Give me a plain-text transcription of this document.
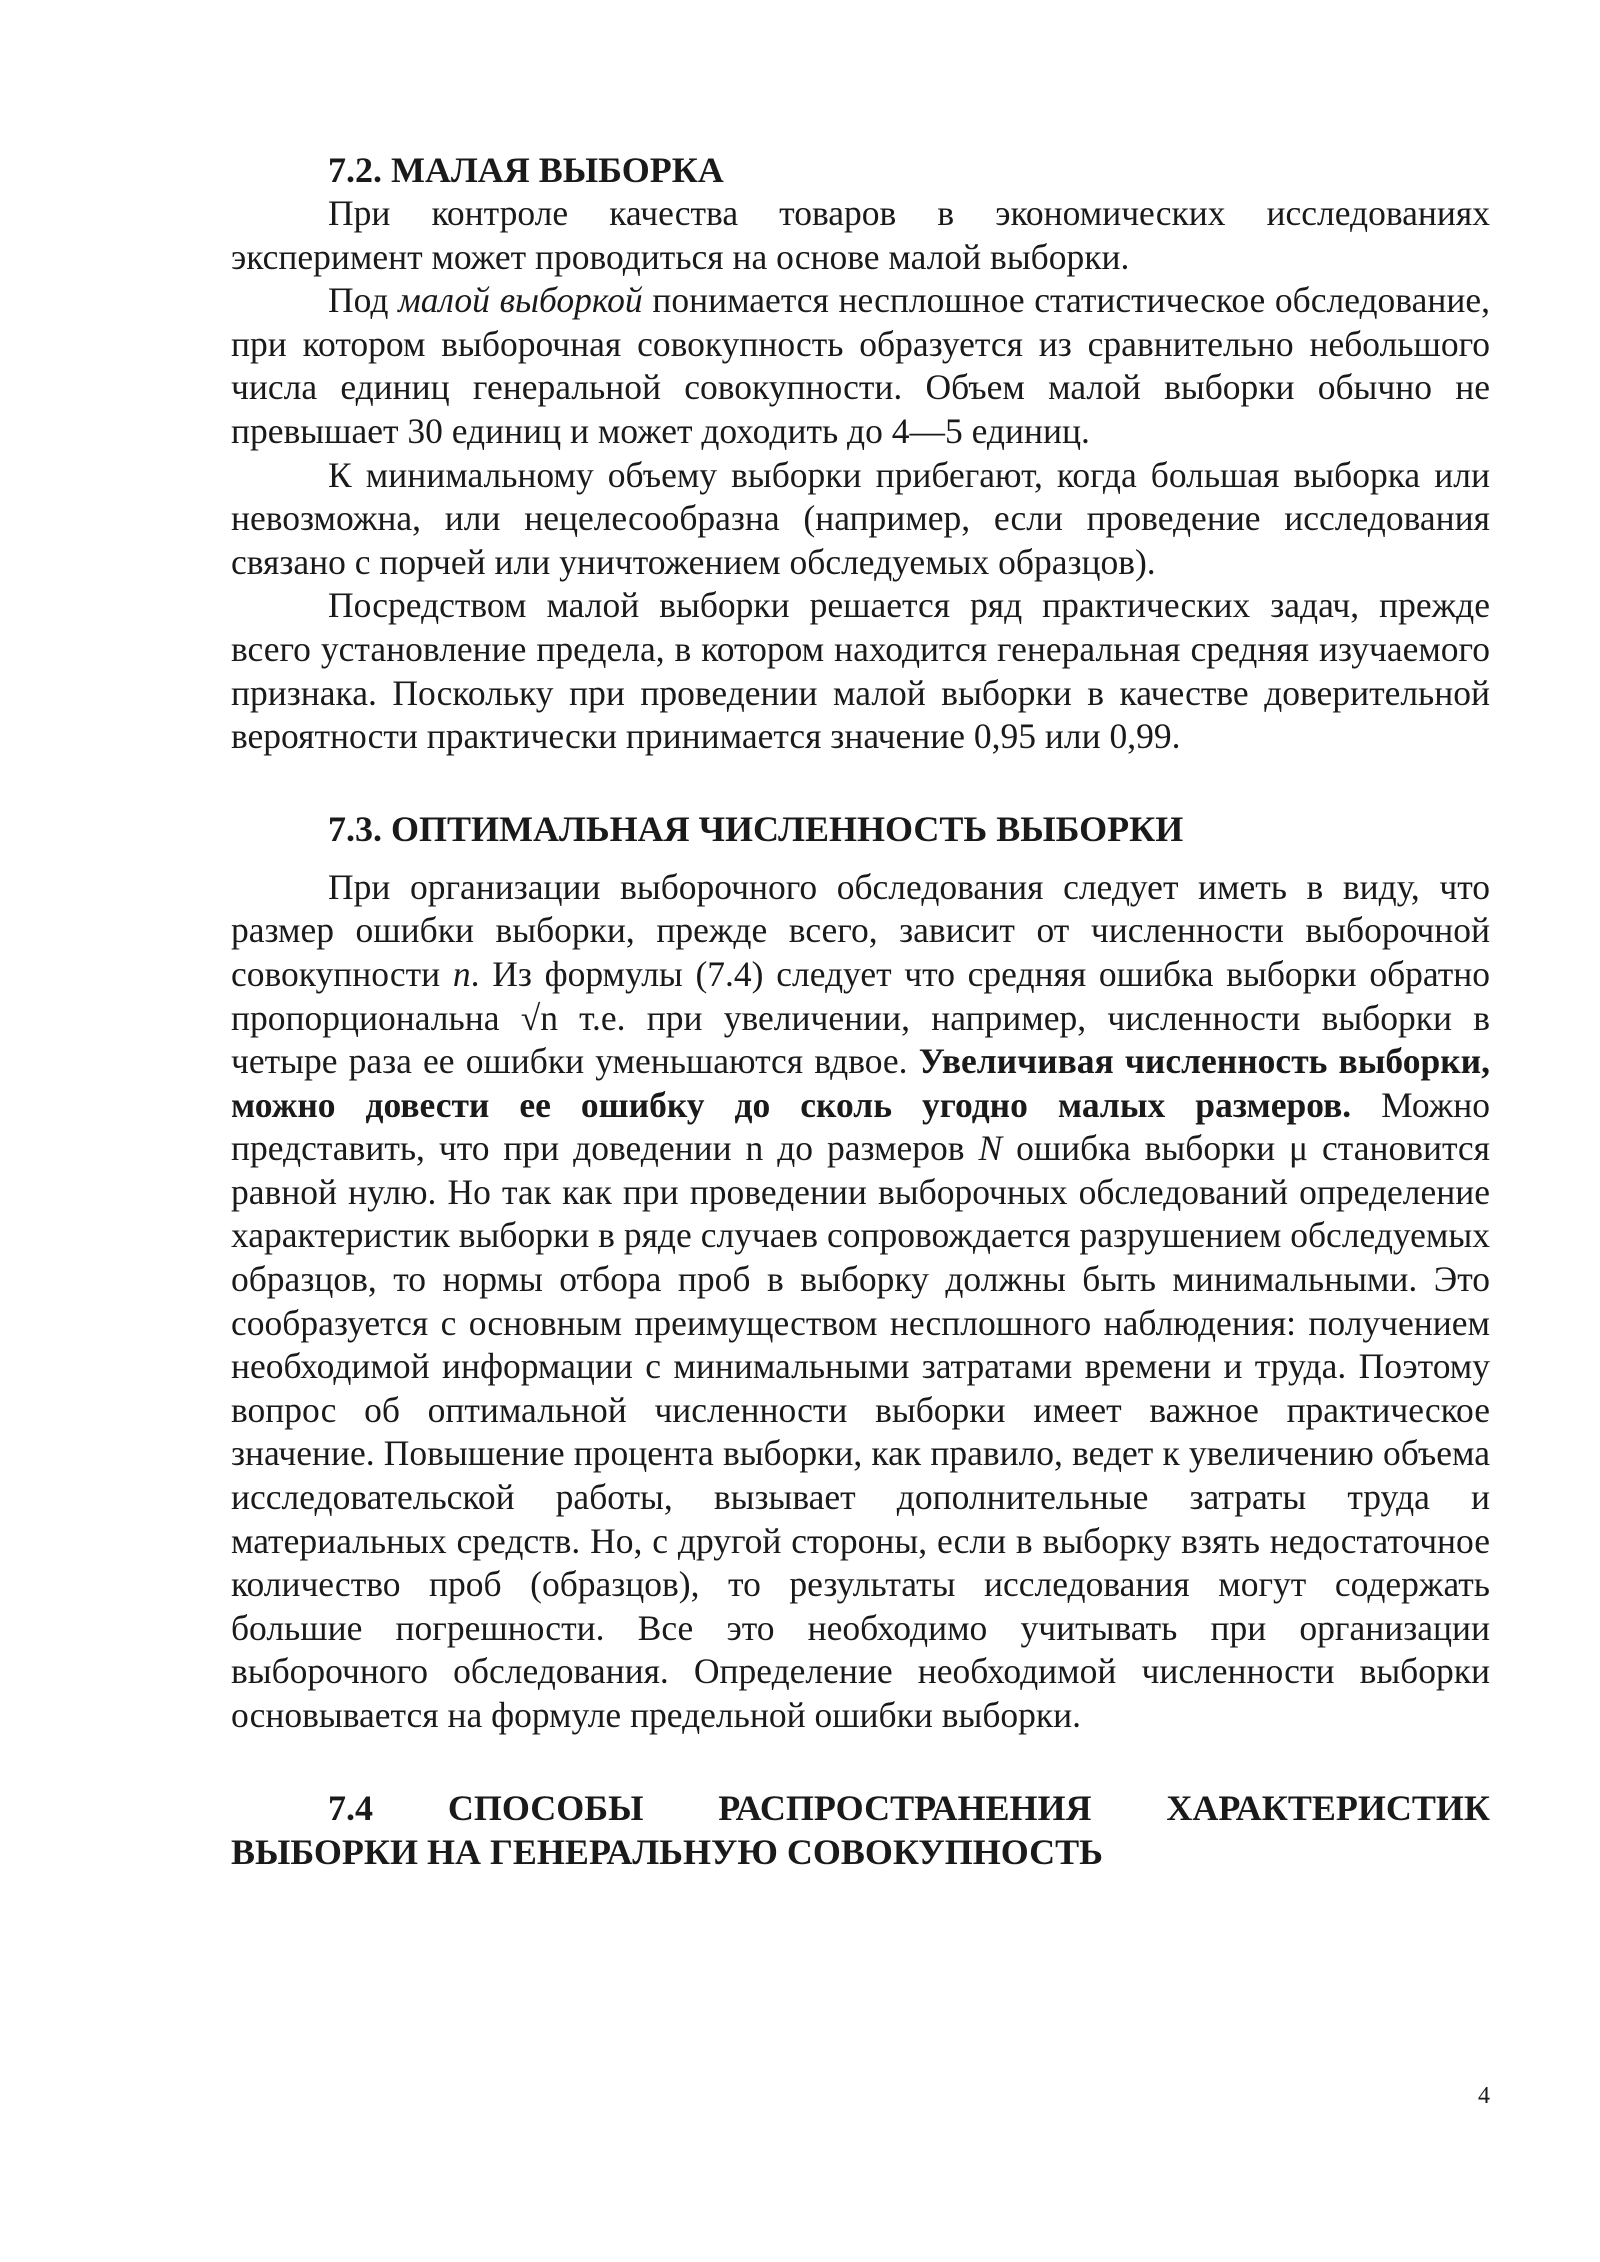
7.2. МАЛАЯ ВЫБОРКА

При контроле качества товаров в экономических исследованиях эксперимент может проводиться на основе малой выборки.

Под малой выборкой понимается несплошное статистическое обследование, при котором выборочная совокупность образуется из сравнительно небольшого числа единиц генеральной совокупности. Объем малой выборки обычно не превышает 30 единиц и может доходить до 4—5 единиц.

К минимальному объему выборки прибегают, когда большая выборка или невозможна, или нецелесообразна (например, если проведение исследования связано с порчей или уничтожением обследуемых образцов).

Посредством малой выборки решается ряд практических задач, прежде всего установление предела, в котором находится генеральная средняя изучаемого признака. Поскольку при проведении малой выборки в качестве доверительной вероятности практически принимается значение 0,95 или 0,99.

7.3. ОПТИМАЛЬНАЯ ЧИСЛЕННОСТЬ ВЫБОРКИ

При организации выборочного обследования следует иметь в виду, что размер ошибки выборки, прежде всего, зависит от численности выборочной совокупности n. Из формулы (7.4) следует что средняя ошибка выборки обратно пропорциональна √n т.е. при увеличении, например, численности выборки в четыре раза ее ошибки уменьшаются вдвое. Увеличивая численность выборки, можно довести ее ошибку до сколь угодно малых размеров. Можно представить, что при доведении n до размеров N ошибка выборки μ становится равной нулю. Но так как при проведении выборочных обследований определение характеристик выборки в ряде случаев сопровождается разрушением обследуемых образцов, то нормы отбора проб в выборку должны быть минимальными. Это сообразуется с основным преимуществом несплошного наблюдения: получением необходимой информации с минимальными затратами времени и труда. Поэтому вопрос об оптимальной численности выборки имеет важное практическое значение. Повышение процента выборки, как правило, ведет к увеличению объема исследовательской работы, вызывает дополнительные затраты труда и материальных средств. Но, с другой стороны, если в выборку взять недостаточное количество проб (образцов), то результаты исследования могут содержать большие погрешности. Все это необходимо учитывать при организации выборочного обследования. Определение необходимой численности выборки основывается на формуле предельной ошибки выборки.

7.4 СПОСОБЫ РАСПРОСТРАНЕНИЯ ХАРАКТЕРИСТИК
ВЫБОРКИ НА ГЕНЕРАЛЬНУЮ СОВОКУПНОСТЬ
4
